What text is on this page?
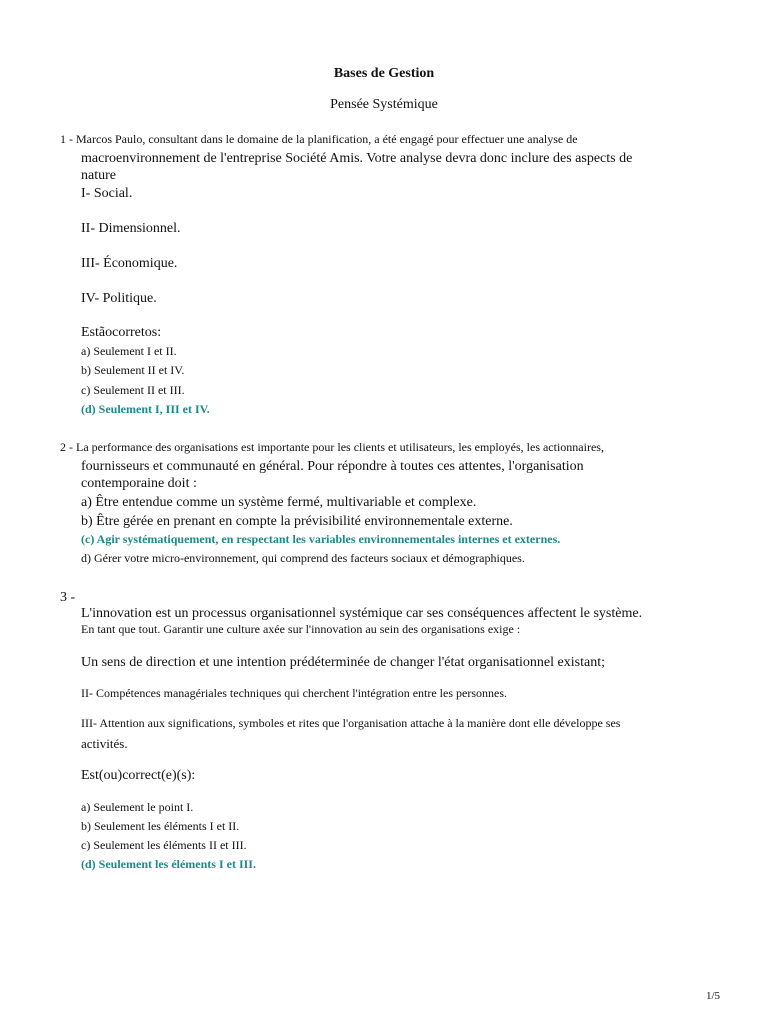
Bases de Gestion

Pensée Systémique

1 - Marcos Paulo, consultant dans le domaine de la planification, a été engagé pour effectuer une analyse de

macroenvironnement de l'entreprise Société Amis. Votre analyse devra donc inclure des aspects de

nature

I- Social.

II- Dimensionnel.

III- Économique.

IV- Politique.

Estãocorretos:

a) Seulement I et II.

b) Seulement II et IV.

c) Seulement II et III.

(d) Seulement I, III et IV.

2 - La performance des organisations est importante pour les clients et utilisateurs, les employés, les actionnaires,

fournisseurs et communauté en général. Pour répondre à toutes ces attentes, l'organisation

contemporaine doit :

a) Être entendue comme un système fermé, multivariable et complexe.

b) Être gérée en prenant en compte la prévisibilité environnementale externe.

(c) Agir systématiquement, en respectant les variables environnementales internes et externes.

d) Gérer votre micro-environnement, qui comprend des facteurs sociaux et démographiques.

3 -

L'innovation est un processus organisationnel systémique car ses conséquences affectent le système.

En tant que tout. Garantir une culture axée sur l'innovation au sein des organisations exige :

Un sens de direction et une intention prédéterminée de changer l'état organisationnel existant;

II- Compétences managériales techniques qui cherchent l'intégration entre les personnes.

III- Attention aux significations, symboles et rites que l'organisation attache à la manière dont elle développe ses

activités.

Est(ou)correct(e)(s):

a) Seulement le point I.

b) Seulement les éléments I et II.

c) Seulement les éléments II et III.

(d) Seulement les éléments I et III.

1/5
